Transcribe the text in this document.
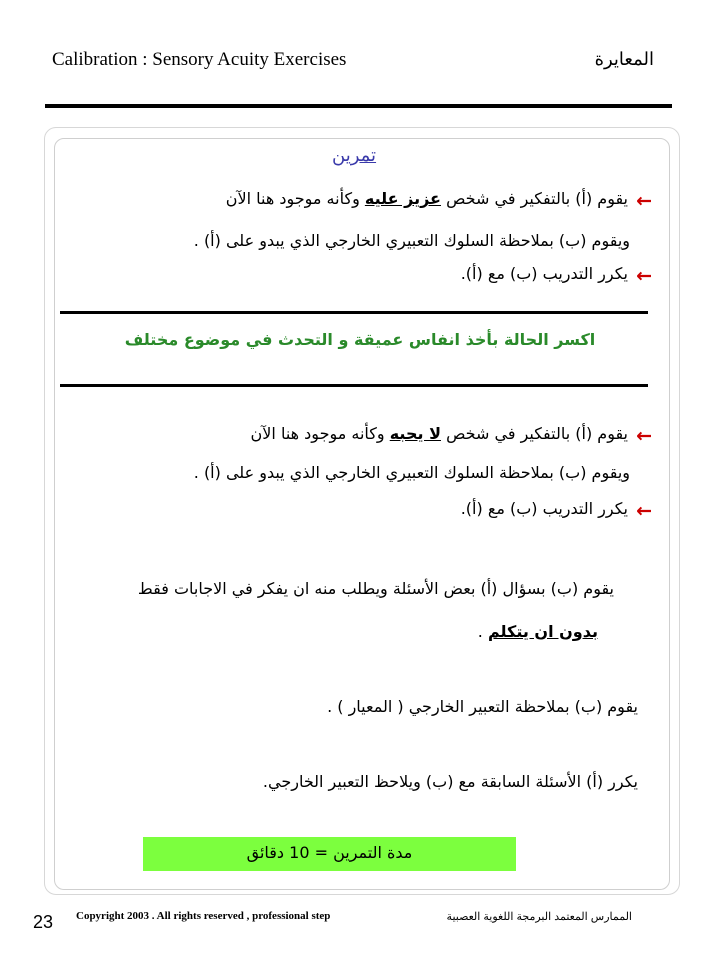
Calibration : Sensory Acuity Exercises	المعايرة
تمرين
←
يقوم (أ) بالتفكير في شخص عزيز عليه وكأنه موجود هنا الآن
ويقوم (ب) بملاحظة السلوك التعبيري الخارجي الذي يبدو على (أ) .
←
يكرر التدريب (ب) مع (أ).
اكسر الحالة بأخذ انفاس عميقة و التحدث في موضوع مختلف
←
يقوم (أ) بالتفكير في شخص لا يحبه وكأنه موجود هنا الآن
ويقوم (ب) بملاحظة السلوك التعبيري الخارجي الذي يبدو على (أ) .
←
يكرر التدريب (ب) مع (أ).
يقوم (ب) بسؤال (أ) بعض الأسئلة ويطلب منه ان يفكر في الاجابات فقط
بدون ان يتكلم .
يقوم (ب) بملاحظة التعبير الخارجي ( المعيار ) .
يكرر (أ) الأسئلة السابقة مع (ب) ويلاحظ التعبير الخارجي.
مدة التمرين = 10 دقائق
23 Copyright 2003 . All rights reserved , professional step	الممارس المعتمد البرمجة اللغوية العصبية
